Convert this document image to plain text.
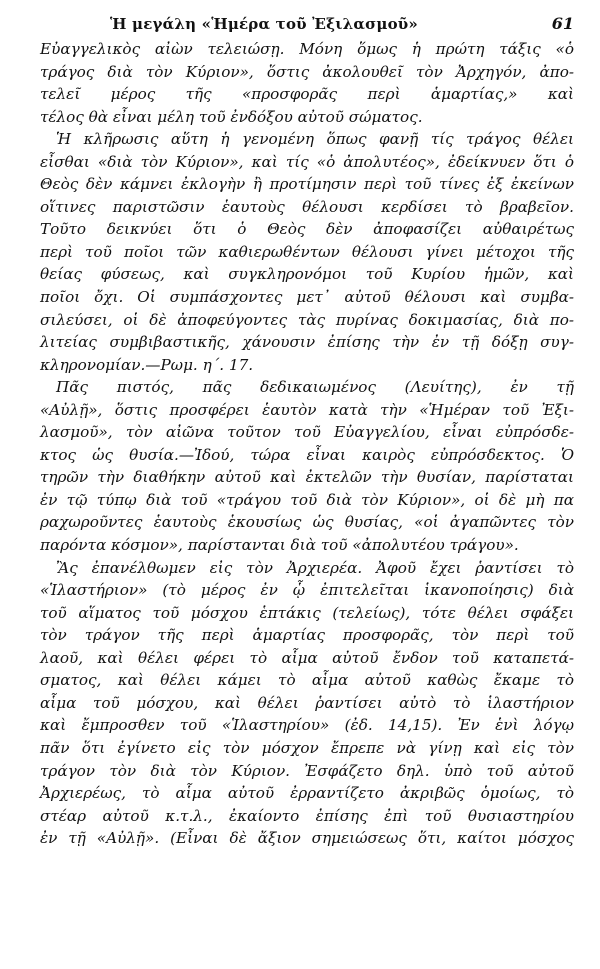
Ἡ μεγάλη «Ἡμέρα τοῦ Ἐξιλασμοῦ»	61
Εὐαγγελικὸς αἰὼν τελειώσῃ. Μόνη ὅμως ἡ πρώτη τάξις «ὁ
τράγος διὰ τὸν Κύριον», ὅστις ἀκολουθεῖ τὸν Ἀρχηγόν, ἀπο-
τελεῖ μέρος τῆς «προσφορᾶς περὶ ἁμαρτίας,» καὶ
τέλος θὰ εἶναι μέλη τοῦ ἐνδόξου αὐτοῦ σώματος.
Ἡ κλῆρωσις αὕτη ἡ γενομένη ὅπως φανῇ τίς τράγος θέλει
εἶσθαι «διὰ τὸν Κύριον», καὶ τίς «ὁ ἀπολυτέος», ἐδείκνυεν ὅτι ὁ
Θεὸς δὲν κάμνει ἐκλογὴν ἢ προτίμησιν περὶ τοῦ τίνες ἐξ ἐκείνων
οἵτινες παριστῶσιν ἑαυτοὺς θέλουσι κερδίσει τὸ βραβεῖον.
Τοῦτο δεικνύει ὅτι ὁ Θεὸς δὲν ἀποφασίζει αὐθαιρέτως
περὶ τοῦ ποῖοι τῶν καθιερωθέντων θέλουσι γίνει μέτοχοι τῆς
θείας φύσεως, καὶ συγκληρονόμοι τοῦ Κυρίου ἡμῶν, καὶ
ποῖοι ὄχι. Οἱ συμπάσχοντες μετ᾽ αὐτοῦ θέλουσι καὶ συμβα-
σιλεύσει, οἱ δὲ ἀποφεύγοντες τὰς πυρίνας δοκιμασίας, διὰ πο-
λιτείας συμβιβαστικῆς, χάνουσιν ἐπίσης τὴν ἐν τῇ δόξῃ συγ-
κληρονομίαν.—Ρωμ. η΄. 17.
Πᾶς πιστός, πᾶς δεδικαιωμένος (Λευίτης), ἐν τῇ
«Αὐλῇ», ὅστις προσφέρει ἑαυτὸν κατὰ τὴν «Ἡμέραν τοῦ Ἐξι-
λασμοῦ», τὸν αἰῶνα τοῦτον τοῦ Εὐαγγελίου, εἶναι εὐπρόσδε-
κτος ὡς θυσία.—Ἰδού, τώρα εἶναι καιρὸς εὐπρόσδεκτος. Ὁ
τηρῶν τὴν διαθήκην αὐτοῦ καὶ ἐκτελῶν τὴν θυσίαν, παρίσταται
ἐν τῷ τύπῳ διὰ τοῦ «τράγου τοῦ διὰ τὸν Κύριον», οἱ δὲ μὴ πα
ραχωροῦντες ἑαυτοὺς ἑκουσίως ὡς θυσίας, «οἱ ἀγαπῶντες τὸν
παρόντα κόσμον», παρίστανται διὰ τοῦ «ἀπολυτέου τράγου».
Ἂς ἐπανέλθωμεν εἰς τὸν Ἀρχιερέα. Ἀφοῦ ἔχει ῥαντίσει τὸ
«Ἱλαστήριον» (τὸ μέρος ἐν ᾧ ἐπιτελεῖται ἱκανοποίησις) διὰ
τοῦ αἵματος τοῦ μόσχου ἑπτάκις (τελείως), τότε θέλει σφάξει
τὸν τράγον τῆς περὶ ἁμαρτίας προσφορᾶς, τὸν περὶ τοῦ
λαοῦ, καὶ θέλει φέρει τὸ αἷμα αὐτοῦ ἔνδον τοῦ καταπετά-
σματος, καὶ θέλει κάμει τὸ αἷμα αὐτοῦ καθὼς ἔκαμε τὸ
αἷμα τοῦ μόσχου, καὶ θέλει ῥαντίσει αὐτὸ τὸ ἱλαστήριον
καὶ ἔμπροσθεν τοῦ «Ἱλαστηρίου» (ἐδ. 14,15). Ἐν ἑνὶ λόγῳ
πᾶν ὅτι ἐγίνετο εἰς τὸν μόσχον ἔπρεπε νὰ γίνῃ καὶ εἰς τὸν
τράγον τὸν διὰ τὸν Κύριον. Ἐσφάζετο δηλ. ὑπὸ τοῦ αὐτοῦ
Ἀρχιερέως, τὸ αἷμα αὐτοῦ ἐρραντίζετο ἀκριβῶς ὁμοίως, τὸ
στέαρ αὐτοῦ κ.τ.λ., ἐκαίοντο ἐπίσης ἐπὶ τοῦ θυσιαστηρίου
ἐν τῇ «Αὐλῇ». (Εἶναι δὲ ἄξιον σημειώσεως ὅτι, καίτοι μόσχος
